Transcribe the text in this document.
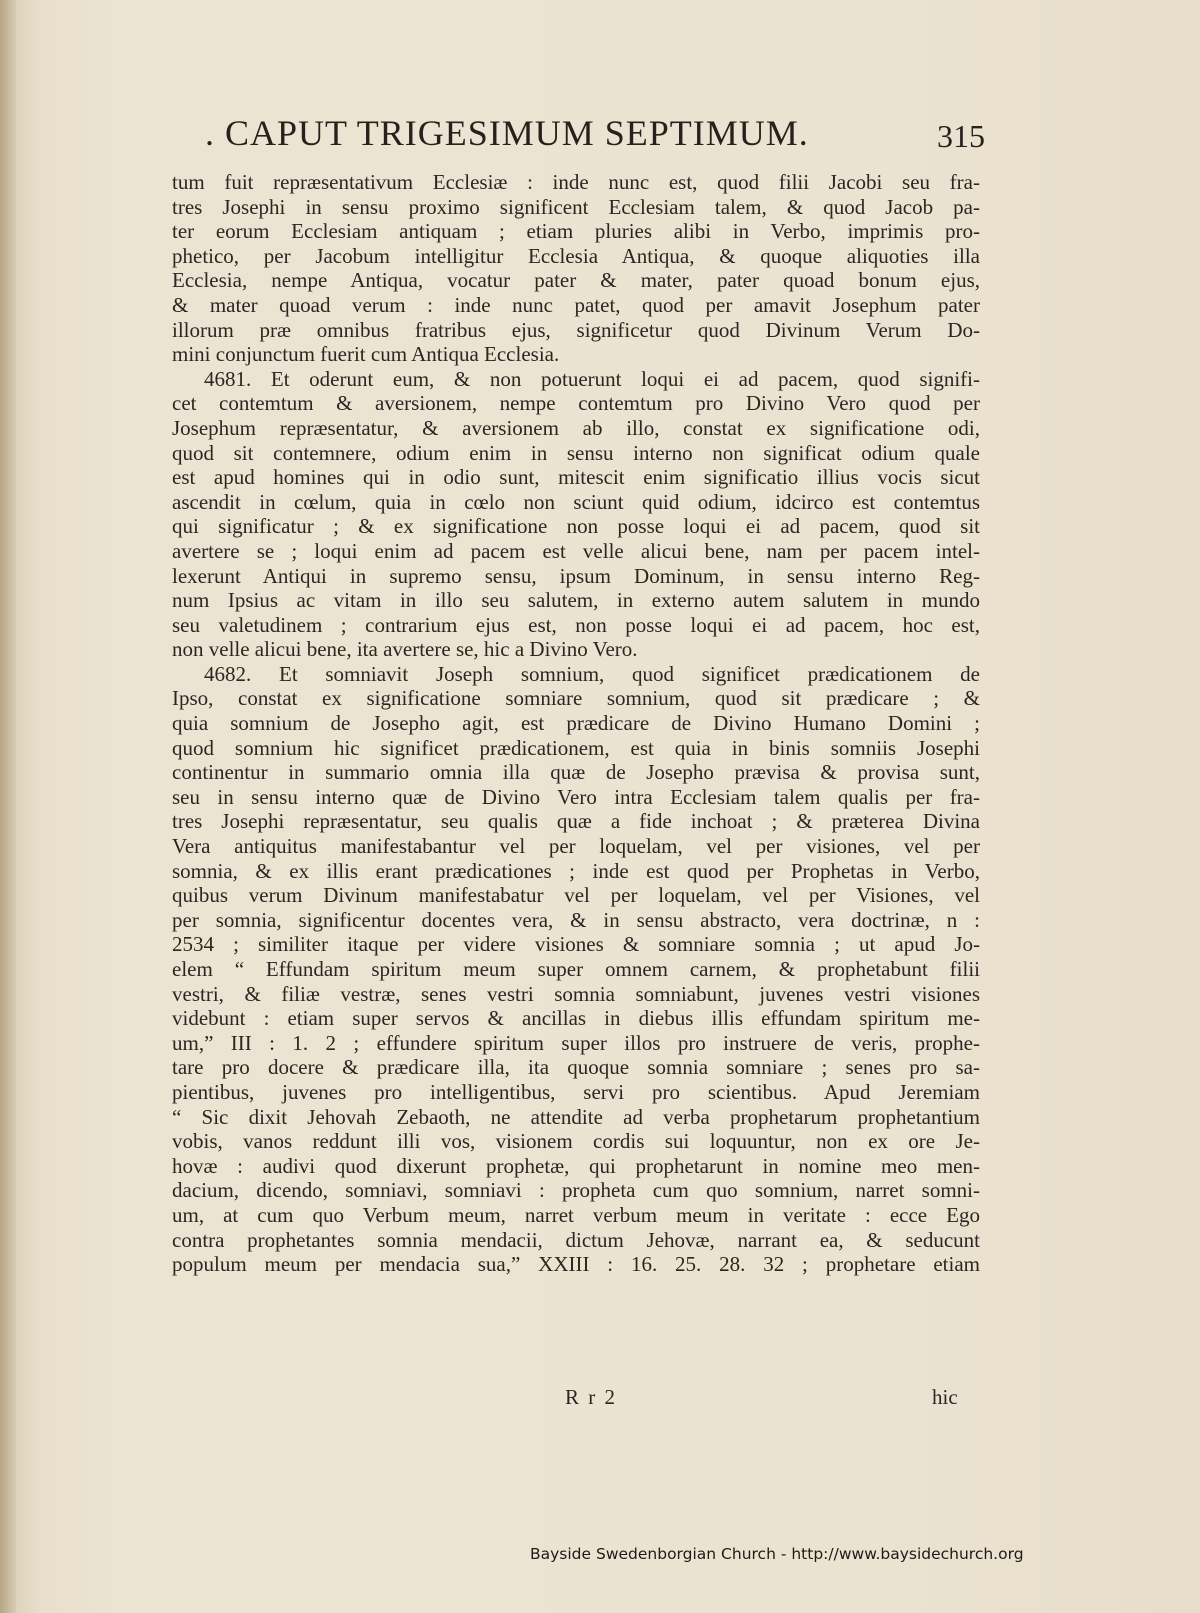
. CAPUT TRIGESIMUM SEPTIMUM.	315
tum fuit repræsentativum Ecclesiæ : inde nunc est, quod filii Jacobi seu fra-
tres Josephi in sensu proximo significent Ecclesiam talem, & quod Jacob pa-
ter eorum Ecclesiam antiquam ; etiam pluries alibi in Verbo, imprimis pro-
phetico, per Jacobum intelligitur Ecclesia Antiqua, & quoque aliquoties illa
Ecclesia, nempe Antiqua, vocatur pater & mater, pater quoad bonum ejus,
& mater quoad verum : inde nunc patet, quod per amavit Josephum pater
illorum præ omnibus fratribus ejus, significetur quod Divinum Verum Do-
mini conjunctum fuerit cum Antiqua Ecclesia.
4681. Et oderunt eum, & non potuerunt loqui ei ad pacem, quod signifi-
cet contemtum & aversionem, nempe contemtum pro Divino Vero quod per
Josephum repræsentatur, & aversionem ab illo, constat ex significatione odi,
quod sit contemnere, odium enim in sensu interno non significat odium quale
est apud homines qui in odio sunt, mitescit enim significatio illius vocis sicut
ascendit in cœlum, quia in cœlo non sciunt quid odium, idcirco est contemtus
qui significatur ; & ex significatione non posse loqui ei ad pacem, quod sit
avertere se ; loqui enim ad pacem est velle alicui bene, nam per pacem intel-
lexerunt Antiqui in supremo sensu, ipsum Dominum, in sensu interno Reg-
num Ipsius ac vitam in illo seu salutem, in externo autem salutem in mundo
seu valetudinem ; contrarium ejus est, non posse loqui ei ad pacem, hoc est,
non velle alicui bene, ita avertere se, hic a Divino Vero.
4682. Et somniavit Joseph somnium, quod significet prædicationem de
Ipso, constat ex significatione somniare somnium, quod sit prædicare ; &
quia somnium de Josepho agit, est prædicare de Divino Humano Domini ;
quod somnium hic significet prædicationem, est quia in binis somniis Josephi
continentur in summario omnia illa quæ de Josepho prævisa & provisa sunt,
seu in sensu interno quæ de Divino Vero intra Ecclesiam talem qualis per fra-
tres Josephi repræsentatur, seu qualis quæ a fide inchoat ; & præterea Divina
Vera antiquitus manifestabantur vel per loquelam, vel per visiones, vel per
somnia, & ex illis erant prædicationes ; inde est quod per Prophetas in Verbo,
quibus verum Divinum manifestabatur vel per loquelam, vel per Visiones, vel
per somnia, significentur docentes vera, & in sensu abstracto, vera doctrinæ, n :
2534 ; similiter itaque per videre visiones & somniare somnia ; ut apud Jo-
elem “ Effundam spiritum meum super omnem carnem, & prophetabunt filii
vestri, & filiæ vestræ, senes vestri somnia somniabunt, juvenes vestri visiones
videbunt : etiam super servos & ancillas in diebus illis effundam spiritum me-
um,” III : 1. 2 ; effundere spiritum super illos pro instruere de veris, prophe-
tare pro docere & prædicare illa, ita quoque somnia somniare ; senes pro sa-
pientibus, juvenes pro intelligentibus, servi pro scientibus. Apud Jeremiam
“ Sic dixit Jehovah Zebaoth, ne attendite ad verba prophetarum prophetantium
vobis, vanos reddunt illi vos, visionem cordis sui loquuntur, non ex ore Je-
hovæ : audivi quod dixerunt prophetæ, qui prophetarunt in nomine meo men-
dacium, dicendo, somniavi, somniavi : propheta cum quo somnium, narret somni-
um, at cum quo Verbum meum, narret verbum meum in veritate : ecce Ego
contra prophetantes somnia mendacii, dictum Jehovæ, narrant ea, & seducunt
populum meum per mendacia sua,” XXIII : 16. 25. 28. 32 ; prophetare etiam
R r 2	hic
Bayside Swedenborgian Church - http://www.baysidechurch.org
